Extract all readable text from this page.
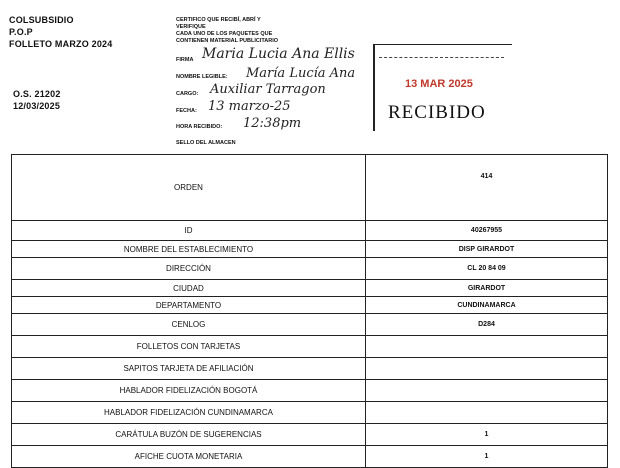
COLSUBSIDIO
P.O.P
FOLLETO MARZO 2024
O.S. 21202
12/03/2025
CERTIFICO QUE RECIBÍ, ABRÍ Y
VERIFIQUE
CADA UNO DE LOS PAQUETES QUE
CONTIENEN MATERIAL PUBLICITARIO
FIRMA Maria Lucia Ana Ellis
NOMBRE LEGIBLE: María Lucía Ana
CARGO: Auxiliar Tarragon
FECHA: 13 marzo-25
HORA RECIBIDO: 12:38pm
SELLO DEL ALMACEN
13 MAR 2025
RECIBIDO
ORDEN	414
ID	40267955
NOMBRE DEL ESTABLECIMIENTO	DISP GIRARDOT
DIRECCIÓN	CL 20 84 09
CIUDAD	GIRARDOT
DEPARTAMENTO	CUNDINAMARCA
CENLOG	D284
FOLLETOS CON TARJETAS	
SAPITOS TARJETA DE AFILIACIÓN	
HABLADOR FIDELIZACIÓN BOGOTÁ	
HABLADOR FIDELIZACIÓN CUNDINAMARCA	
CARÁTULA BUZÓN DE SUGERENCIAS	1
AFICHE CUOTA MONETARIA	1
